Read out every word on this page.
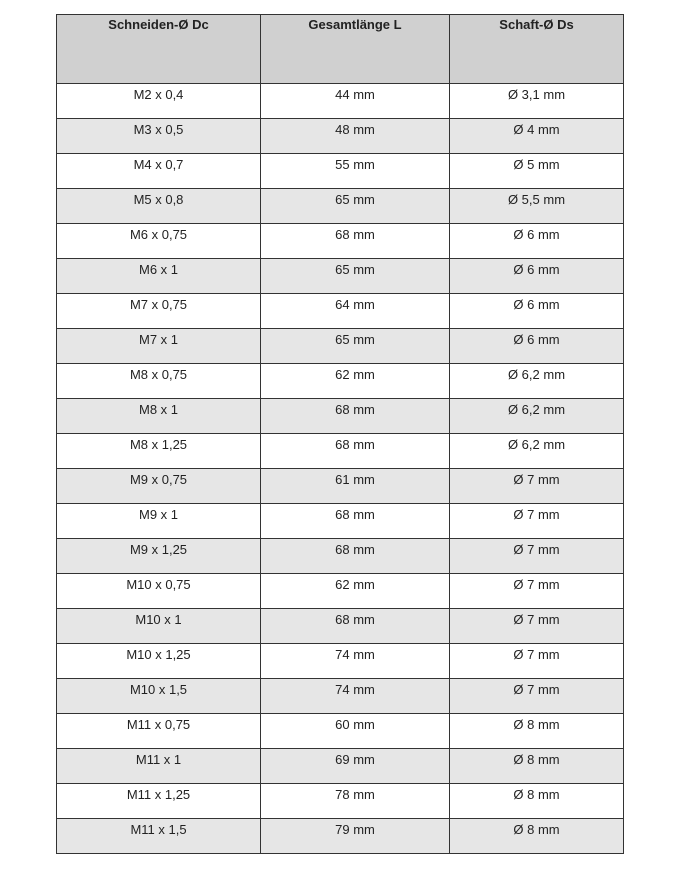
Schneiden-Ø Dc	Gesamtlänge L	Schaft-Ø Ds
M2 x 0,4	44 mm	Ø 3,1 mm
M3 x 0,5	48 mm	Ø 4 mm
M4 x 0,7	55 mm	Ø 5 mm
M5 x 0,8	65 mm	Ø 5,5 mm
M6 x 0,75	68 mm	Ø 6 mm
M6 x 1	65 mm	Ø 6 mm
M7 x 0,75	64 mm	Ø 6 mm
M7 x 1	65 mm	Ø 6 mm
M8 x 0,75	62 mm	Ø 6,2 mm
M8 x 1	68 mm	Ø 6,2 mm
M8 x 1,25	68 mm	Ø 6,2 mm
M9 x 0,75	61 mm	Ø 7 mm
M9 x 1	68 mm	Ø 7 mm
M9 x 1,25	68 mm	Ø 7 mm
M10 x 0,75	62 mm	Ø 7 mm
M10 x 1	68 mm	Ø 7 mm
M10 x 1,25	74 mm	Ø 7 mm
M10 x 1,5	74 mm	Ø 7 mm
M11 x 0,75	60 mm	Ø 8 mm
M11 x 1	69 mm	Ø 8 mm
M11 x 1,25	78 mm	Ø 8 mm
M11 x 1,5	79 mm	Ø 8 mm
